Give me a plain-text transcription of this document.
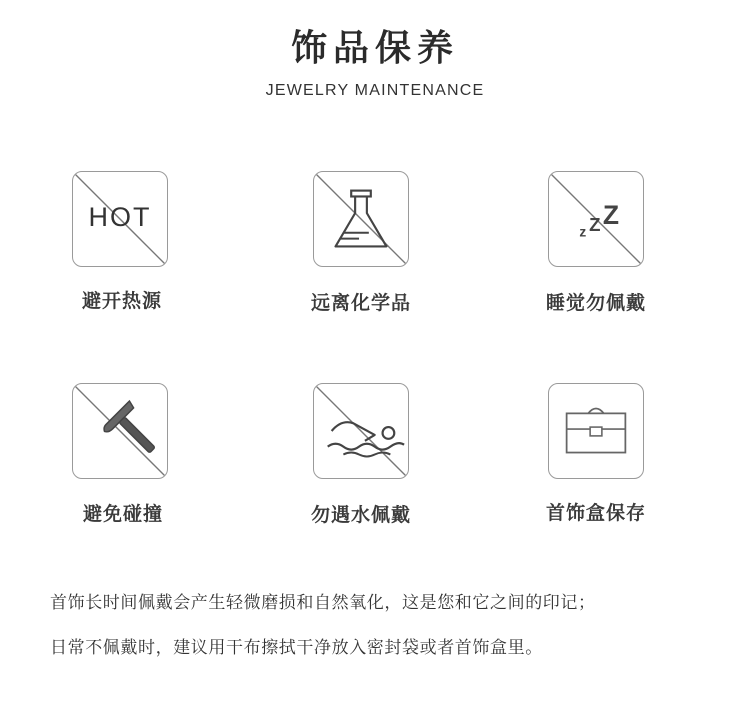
饰品保养
JEWELRY MAINTENANCE
HOT
避开热源	远离化学品
z Z Z
睡觉勿佩戴
避免碰撞	勿遇水佩戴	首饰盒保存
首饰长时间佩戴会产生轻微磨损和自然氧化，这是您和它之间的印记；
日常不佩戴时，建议用干布擦拭干净放入密封袋或者首饰盒里。
